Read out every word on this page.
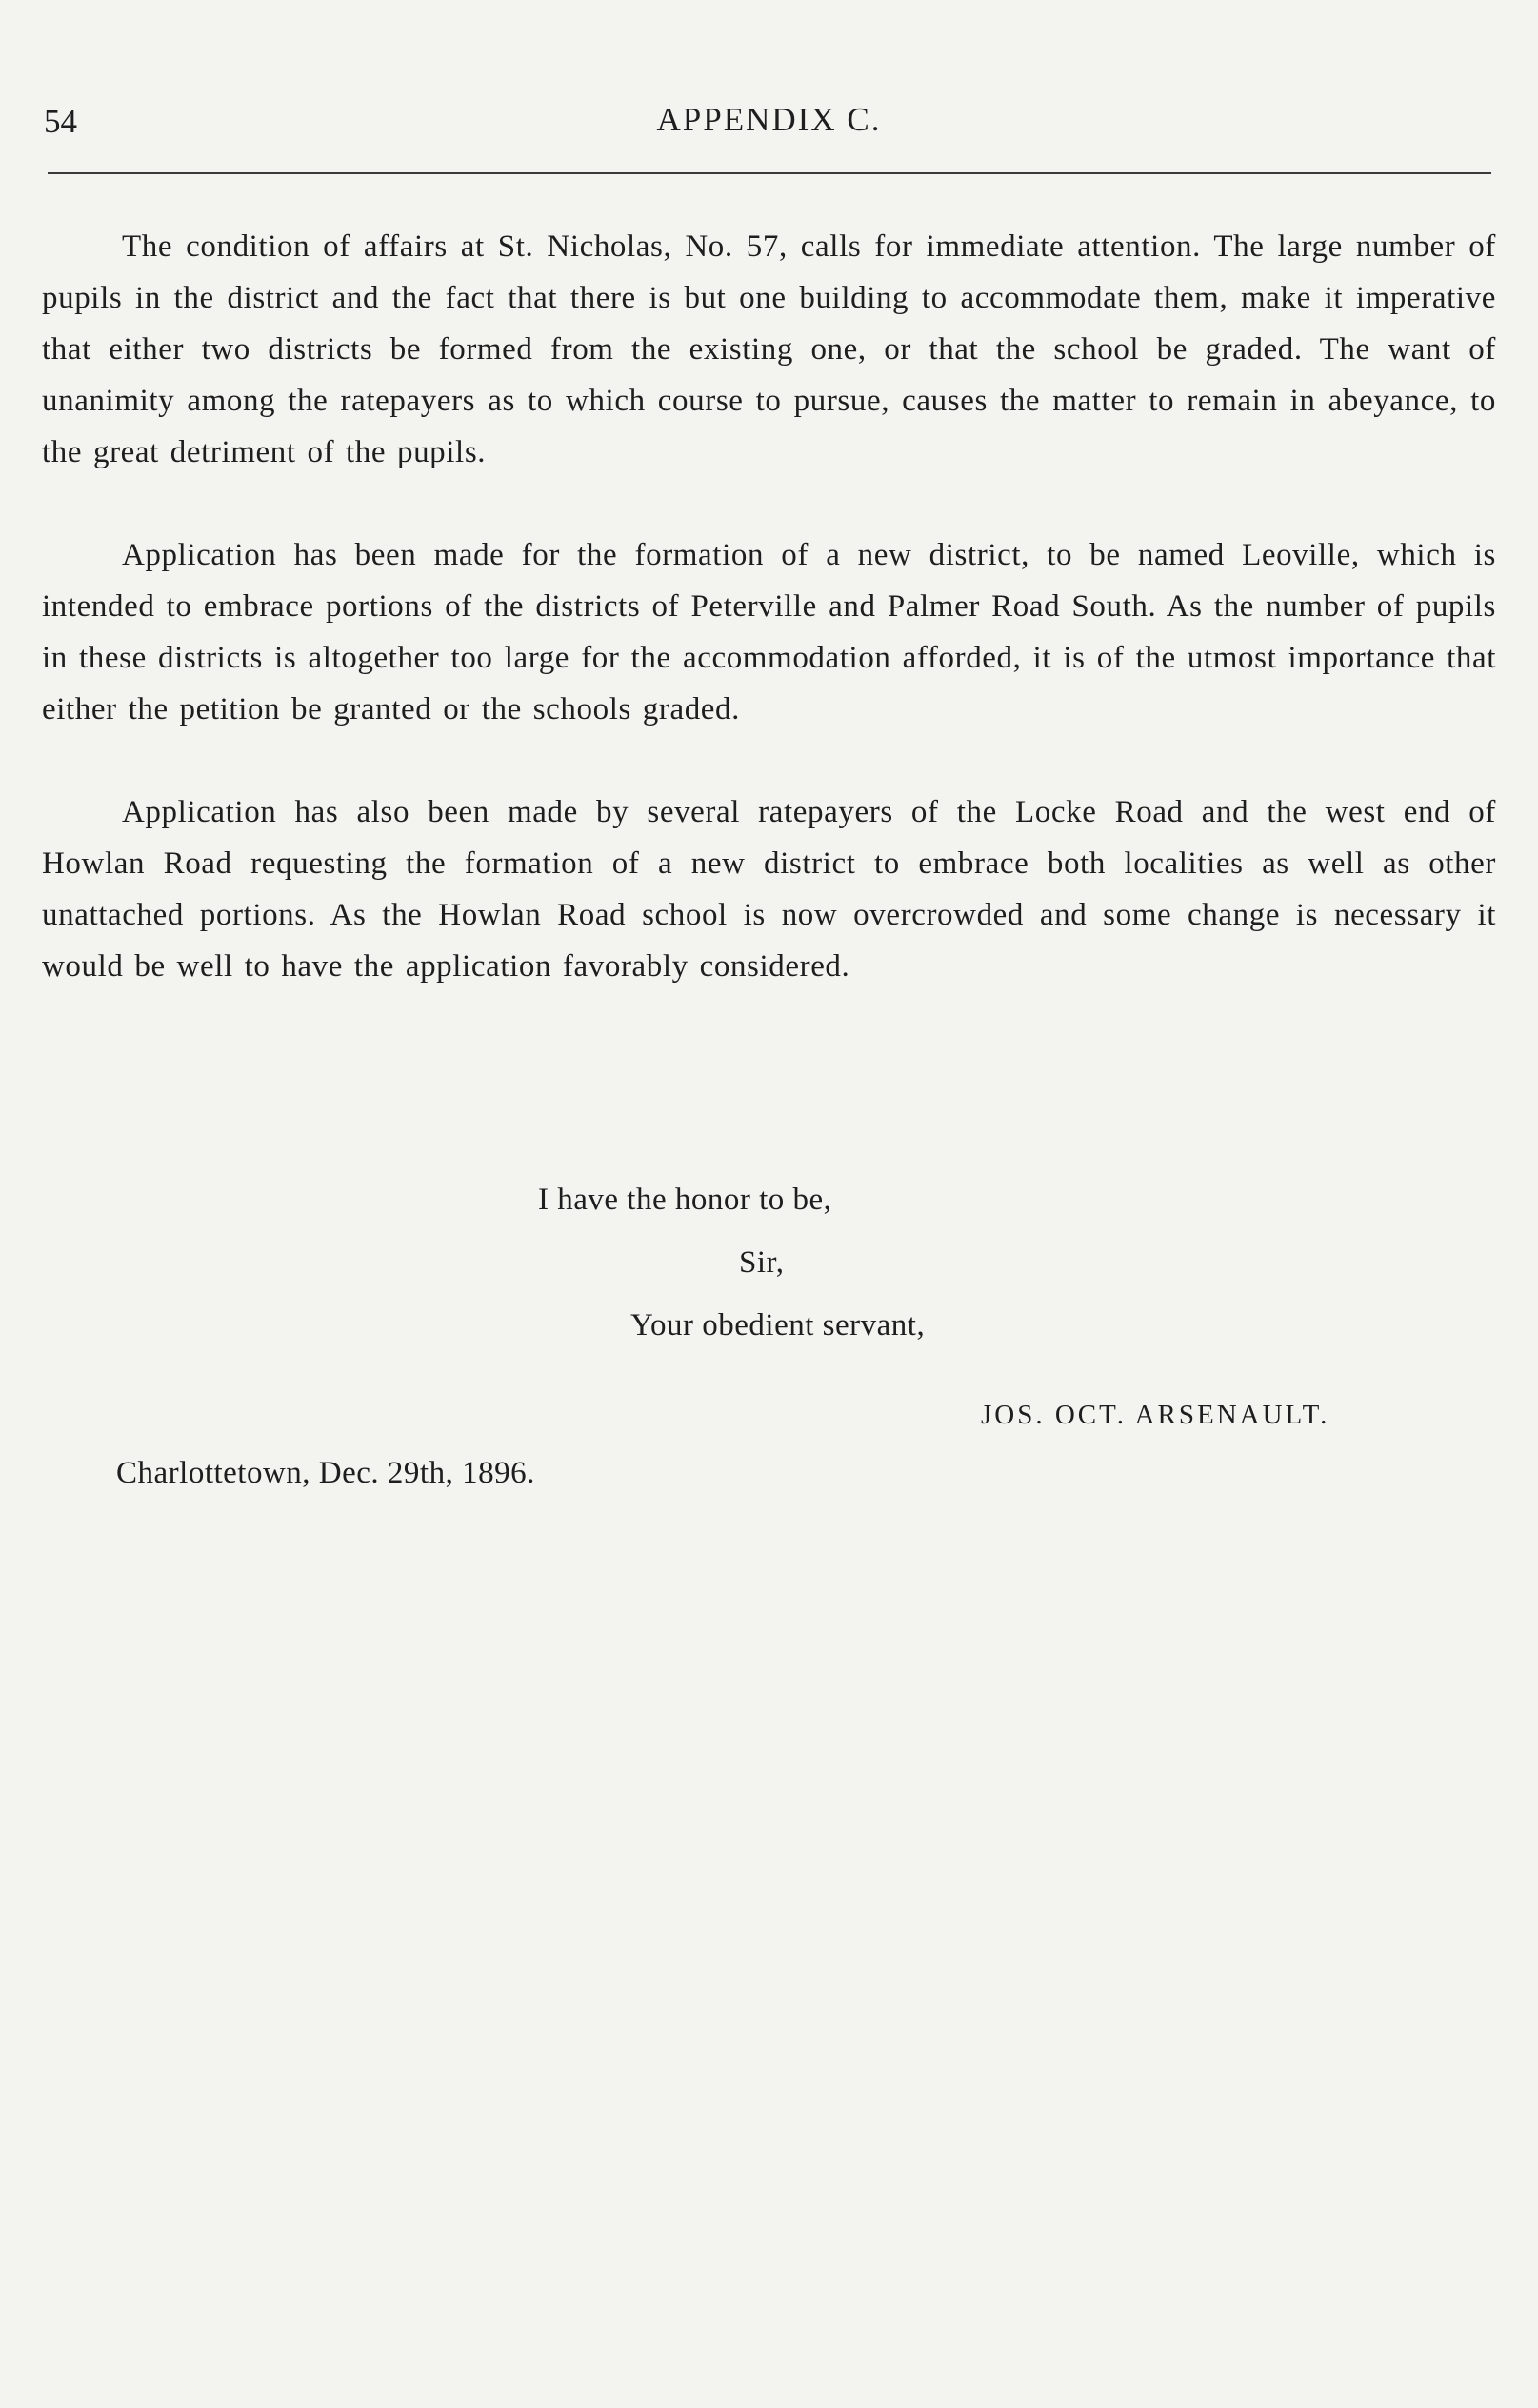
54	APPENDIX C.

The condition of affairs at St. Nicholas, No. 57, calls for immediate attention. The large number of pupils in the district and the fact that there is but one building to accommodate them, make it imperative that either two districts be formed from the existing one, or that the school be graded. The want of unanimity among the ratepayers as to which course to pursue, causes the matter to remain in abeyance, to the great detriment of the pupils.

Application has been made for the formation of a new district, to be named Leoville, which is intended to embrace portions of the districts of Peterville and Palmer Road South. As the number of pupils in these districts is altogether too large for the accommodation afforded, it is of the utmost importance that either the petition be granted or the schools graded.

Application has also been made by several ratepayers of the Locke Road and the west end of Howlan Road requesting the formation of a new district to embrace both localities as well as other unattached portions. As the Howlan Road school is now overcrowded and some change is necessary it would be well to have the application favorably considered.

I have the honor to be,
Sir,
Your obedient servant,
JOS. OCT. ARSENAULT.
Charlottetown, Dec. 29th, 1896.
